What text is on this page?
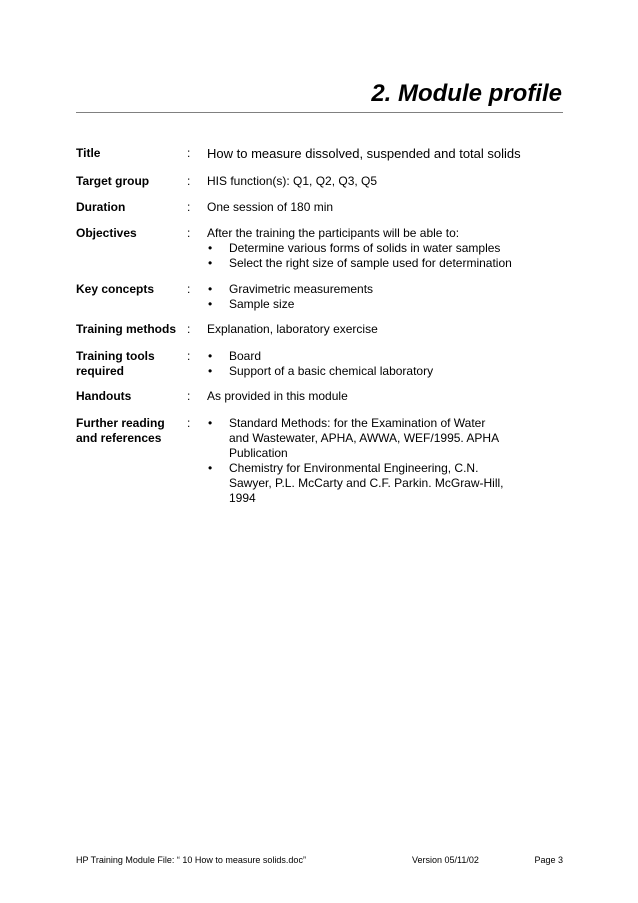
2. Module profile
Title	: How to measure dissolved, suspended and total solids
Target group	: HIS function(s): Q1, Q2, Q3, Q5
Duration	: One session of 180 min
Objectives	: After the training the participants will be able to:
• Determine various forms of solids in water samples
• Select the right size of sample used for determination
Key concepts	: • Gravimetric measurements
• Sample size
Training methods : Explanation, laboratory exercise
Training tools
required
: • Board
• Support of a basic chemical laboratory
Handouts	: As provided in this module
Further reading
and references
: • Standard Methods: for the Examination of Water and Wastewater, APHA, AWWA, WEF/1995. APHA Publication
• Chemistry for Environmental Engineering, C.N. Sawyer, P.L. McCarty and C.F. Parkin. McGraw-Hill, 1994
HP Training Module File: “ 10 How to measure solids.doc”	Version 05/11/02	Page 3
